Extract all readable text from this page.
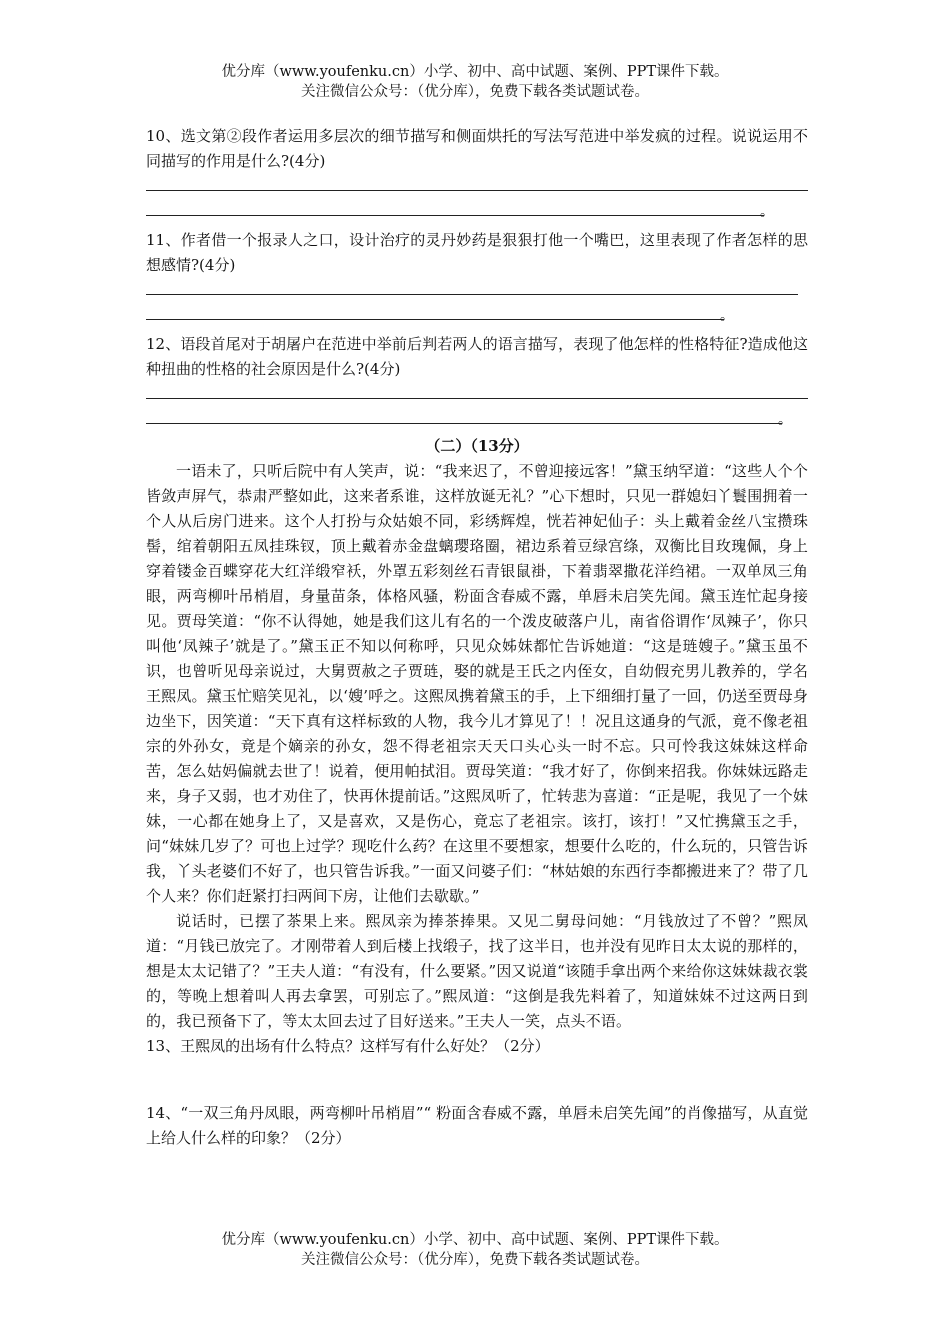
优分库（www.youfenku.cn）小学、初中、高中试题、案例、PPT课件下载。
关注微信公众号：（优分库），免费下载各类试题试卷。

10、选文第②段作者运用多层次的细节描写和侧面烘托的写法写范进中举发疯的过程。说说运用不同描写的作用是什么?(4分)

。

11、作者借一个报录人之口，设计治疗的灵丹妙药是狠狠打他一个嘴巴，这里表现了作者怎样的思想感情?(4分)

。

12、语段首尾对于胡屠户在范进中举前后判若两人的语言描写，表现了他怎样的性格特征?造成他这种扭曲的性格的社会原因是什么?(4分)

。

（二）（13分）

一语未了，只听后院中有人笑声，说：“我来迟了，不曾迎接远客！”黛玉纳罕道：“这些人个个皆敛声屏气，恭肃严整如此，这来者系谁，这样放诞无礼？”心下想时，只见一群媳妇丫鬟围拥着一个人从后房门进来。这个人打扮与众姑娘不同，彩绣辉煌，恍若神妃仙子：头上戴着金丝八宝攒珠髻，绾着朝阳五凤挂珠钗，顶上戴着赤金盘螭璎珞圈，裙边系着豆绿宫绦，双衡比目玫瑰佩，身上穿着镂金百蝶穿花大红洋缎窄袄，外罩五彩刻丝石青银鼠褂，下着翡翠撒花洋绉裙。一双单凤三角眼，两弯柳叶吊梢眉，身量苗条，体格风骚，粉面含春威不露，单唇未启笑先闻。黛玉连忙起身接见。贾母笑道：“你不认得她，她是我们这儿有名的一个泼皮破落户儿，南省俗谓作‘凤辣子’，你只叫他‘凤辣子’就是了。”黛玉正不知以何称呼，只见众姊妹都忙告诉她道：“这是琏嫂子。”黛玉虽不识，也曾听见母亲说过，大舅贾赦之子贾琏，娶的就是王氏之内侄女，自幼假充男儿教养的，学名王熙凤。黛玉忙赔笑见礼，以‘嫂’呼之。这熙凤携着黛玉的手，上下细细打量了一回，仍送至贾母身边坐下，因笑道：“天下真有这样标致的人物，我今儿才算见了！！况且这通身的气派，竟不像老祖宗的外孙女，竟是个嫡亲的孙女，怨不得老祖宗天天口头心头一时不忘。只可怜我这妹妹这样命苦，怎么姑妈偏就去世了！说着，便用帕拭泪。贾母笑道：“我才好了，你倒来招我。你妹妹远路走来，身子又弱，也才劝住了，快再休提前话。”这熙凤听了，忙转悲为喜道：“正是呢，我见了一个妹妹，一心都在她身上了，又是喜欢，又是伤心，竟忘了老祖宗。该打，该打！”又忙携黛玉之手，问“妹妹几岁了？可也上过学？现吃什么药？在这里不要想家，想要什么吃的，什么玩的，只管告诉我，丫头老婆们不好了，也只管告诉我。”一面又问婆子们：“林姑娘的东西行李都搬进来了？带了几个人来？你们赶紧打扫两间下房，让他们去歇歇。”

说话时，已摆了茶果上来。熙凤亲为捧茶捧果。又见二舅母问她：“月钱放过了不曾？”熙凤道：“月钱已放完了。才刚带着人到后楼上找缎子，找了这半日，也并没有见昨日太太说的那样的，想是太太记错了？”王夫人道：“有没有，什么要紧。”因又说道“该随手拿出两个来给你这妹妹裁衣裳的，等晚上想着叫人再去拿罢，可别忘了。”熙凤道：“这倒是我先料着了，知道妹妹不过这两日到的，我已预备下了，等太太回去过了目好送来。”王夫人一笑，点头不语。

13、王熙凤的出场有什么特点？这样写有什么好处？（2分）

14、“一双三角丹凤眼，两弯柳叶吊梢眉”“ 粉面含春威不露，单唇未启笑先闻”的肖像描写，从直觉上给人什么样的印象？（2分）

优分库（www.youfenku.cn）小学、初中、高中试题、案例、PPT课件下载。
关注微信公众号：（优分库），免费下载各类试题试卷。
